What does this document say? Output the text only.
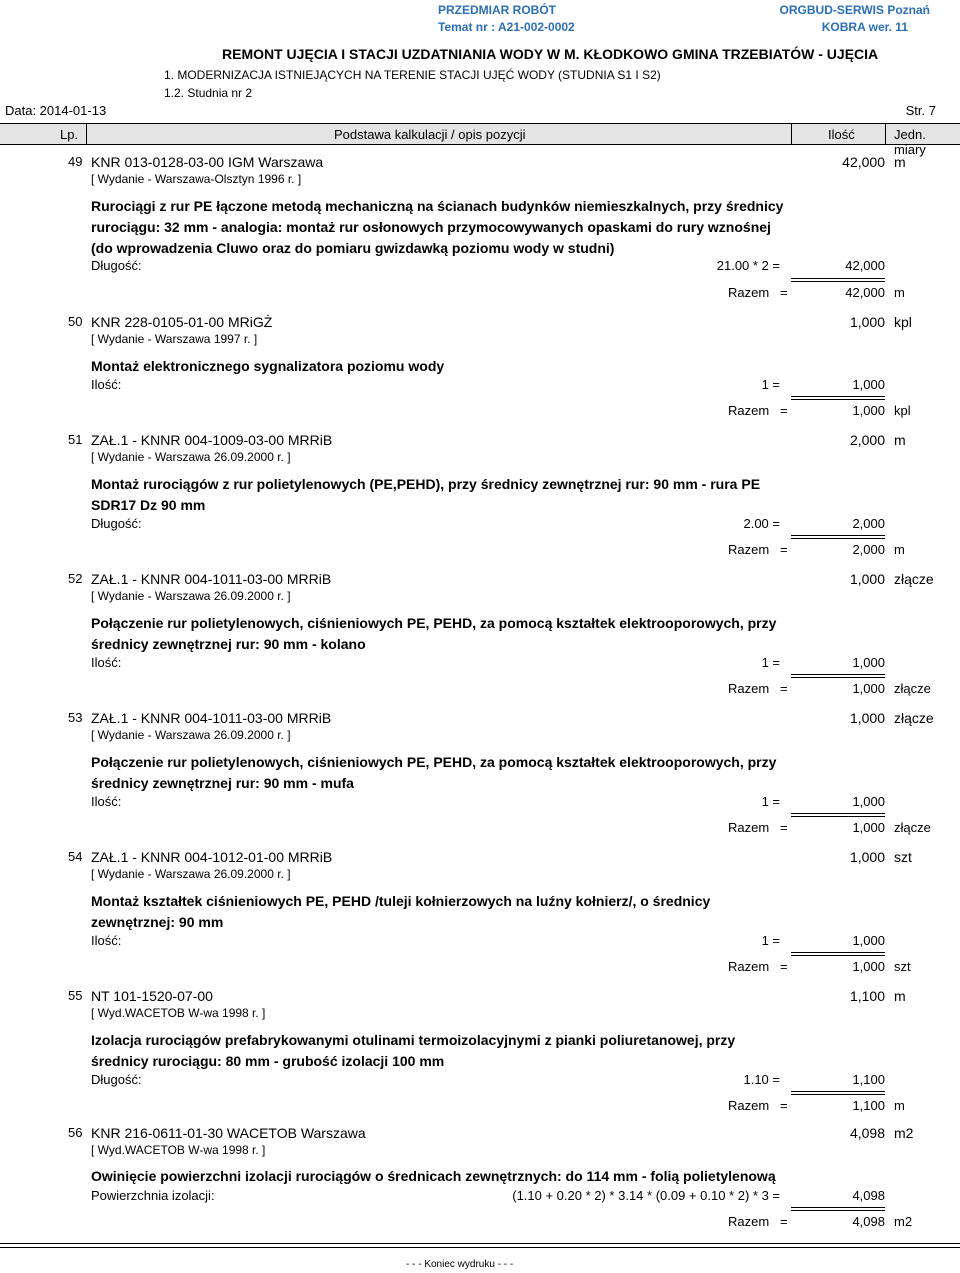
PRZEDMIAR ROBÓT
Temat nr : A21-002-0002
ORGBUD-SERWIS Poznań
KOBRA wer. 11
REMONT UJĘCIA I STACJI UZDATNIANIA WODY W M. KŁODKOWO GMINA TRZEBIATÓW - UJĘCIA
1. MODERNIZACJA ISTNIEJĄCYCH NA TERENIE STACJI UJĘĆ WODY (STUDNIA S1 I S2)
1.2. Studnia nr 2
Data: 2014-01-13	Str. 7
Lp.	Podstawa kalkulacji / opis pozycji	Ilość	Jedn. miary
49 KNR 013-0128-03-00 IGM Warszawa
[ Wydanie - Warszawa-Olsztyn 1996 r. ]
42,000 m
Rurociągi z rur PE łączone metodą mechaniczną na ścianach budynków niemieszkalnych, przy średnicy rurociągu: 32 mm - analogia: montaż rur osłonowych przymocowywanych opaskami do rury wznośnej (do wprowadzenia Cluwo oraz do pomiaru gwizdawką poziomu wody w studni)
Długość:	21.00 * 2 =	42,000
Razem =	42,000 m
50 KNR 228-0105-01-00 MRiGŻ
[ Wydanie - Warszawa 1997 r. ]
1,000 kpl
Montaż elektronicznego sygnalizatora poziomu wody
Ilość:	1 =	1,000
Razem =	1,000 kpl
51 ZAŁ.1 - KNNR 004-1009-03-00 MRRiB
[ Wydanie - Warszawa 26.09.2000 r. ]
2,000 m
Montaż rurociągów z rur polietylenowych (PE,PEHD), przy średnicy zewnętrznej rur: 90 mm - rura PE SDR17 Dz 90 mm
Długość:	2.00 =	2,000
Razem =	2,000 m
52 ZAŁ.1 - KNNR 004-1011-03-00 MRRiB
[ Wydanie - Warszawa 26.09.2000 r. ]
1,000 złącze
Połączenie rur polietylenowych, ciśnieniowych PE, PEHD, za pomocą kształtek elektrooporowych, przy średnicy zewnętrznej rur: 90 mm - kolano
Ilość:	1 =	1,000
Razem =	1,000 złącze
53 ZAŁ.1 - KNNR 004-1011-03-00 MRRiB
[ Wydanie - Warszawa 26.09.2000 r. ]
1,000 złącze
Połączenie rur polietylenowych, ciśnieniowych PE, PEHD, za pomocą kształtek elektrooporowych, przy średnicy zewnętrznej rur: 90 mm - mufa
Ilość:	1 =	1,000
Razem =	1,000 złącze
54 ZAŁ.1 - KNNR 004-1012-01-00 MRRiB
[ Wydanie - Warszawa 26.09.2000 r. ]
1,000 szt
Montaż kształtek ciśnieniowych PE, PEHD /tuleji kołnierzowych na luźny kołnierz/, o średnicy zewnętrznej: 90 mm
Ilość:	1 =	1,000
Razem =	1,000 szt
55 NT 101-1520-07-00
[ Wyd.WACETOB W-wa 1998 r. ]
1,100 m
Izolacja rurociągów prefabrykowanymi otulinami termoizolacyjnymi z pianki poliuretanowej, przy średnicy rurociągu: 80 mm - grubość izolacji 100 mm
Długość:	1.10 =	1,100
Razem =	1,100 m
56 KNR 216-0611-01-30 WACETOB Warszawa
[ Wyd.WACETOB W-wa 1998 r. ]
4,098 m2
Owinięcie powierzchni izolacji rurociągów o średnicach zewnętrznych: do 114 mm - folią polietylenową
Powierzchnia izolacji:	(1.10 + 0.20 * 2) * 3.14 * (0.09 + 0.10 * 2) * 3 =	4,098
Razem =	4,098 m2
- - - Koniec wydruku - - -
